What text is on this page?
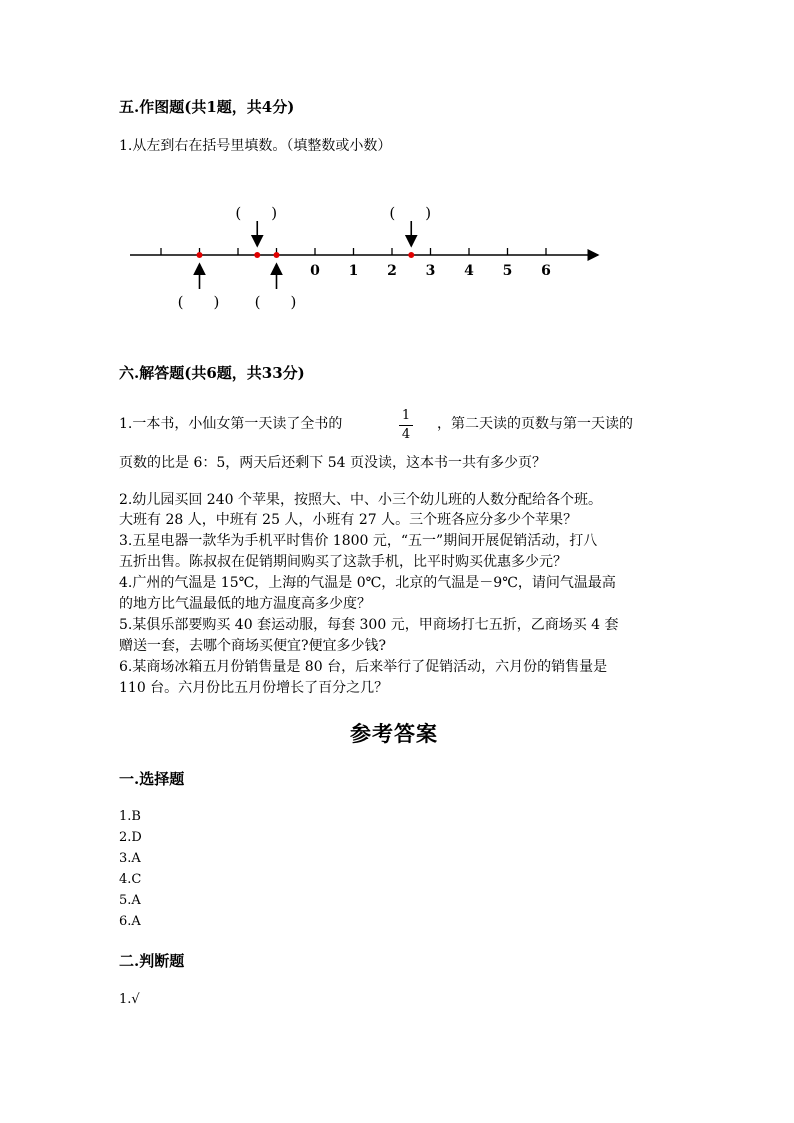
五.作图题(共1题，共4分)
1.从左到右在括号里填数。（填整数或小数）
0 1 2 3 4 5 6
(　　)
(　　)
(　　)
(　　)
六.解答题(共6题，共33分)
1.一本书，小仙女第一天读了全书的
1
4
，第二天读的页数与第一天读的
页数的比是 6：5，两天后还剩下 54 页没读，这本书一共有多少页？
2.幼儿园买回 240 个苹果，按照大、中、小三个幼儿班的人数分配给各个班。
大班有 28 人，中班有 25 人，小班有 27 人。三个班各应分多少个苹果？
3.五星电器一款华为手机平时售价 1800 元，“五一”期间开展促销活动，打八
五折出售。陈叔叔在促销期间购买了这款手机，比平时购买优惠多少元？
4.广州的气温是 15℃，上海的气温是 0℃，北京的气温是－9℃，请问气温最高
的地方比气温最低的地方温度高多少度？
5.某俱乐部要购买 40 套运动服，每套 300 元，甲商场打七五折，乙商场买 4 套
赠送一套，去哪个商场买便宜?便宜多少钱?
6.某商场冰箱五月份销售量是 80 台，后来举行了促销活动，六月份的销售量是
110 台。六月份比五月份增长了百分之几？
参考答案
一.选择题
1.B
2.D
3.A
4.C
5.A
6.A
二.判断题
1.√
